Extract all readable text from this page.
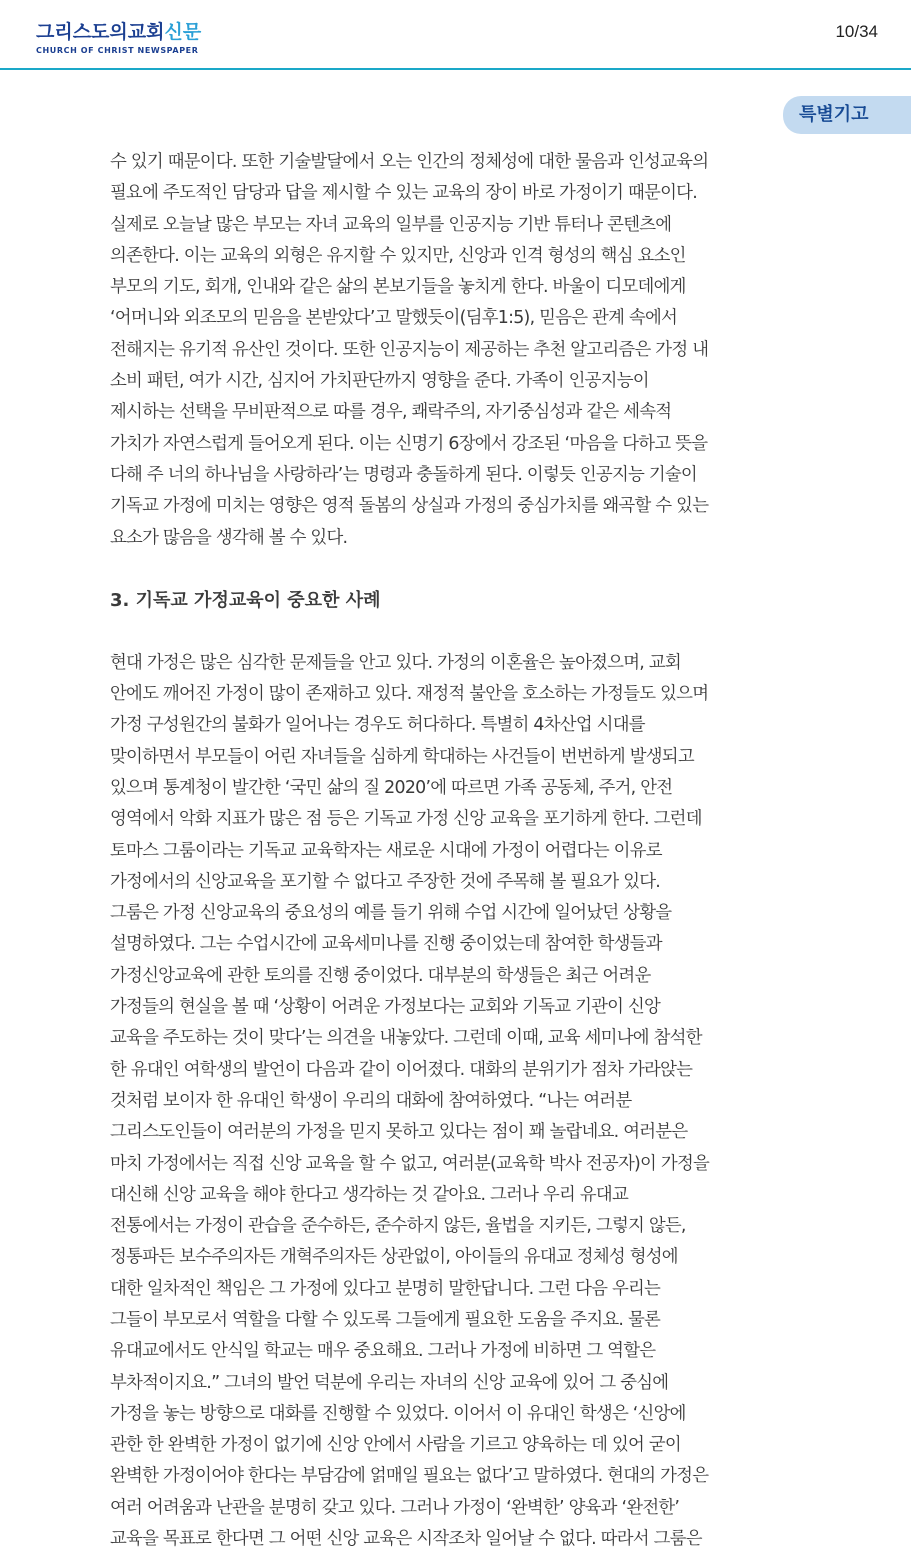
그리스도의교회신문
CHURCH OF CHRIST NEWSPAPER
10/34
특별기고
수 있기 때문이다. 또한 기술발달에서 오는 인간의 정체성에 대한 물음과 인성교육의
필요에 주도적인 담당과 답을 제시할 수 있는 교육의 장이 바로 가정이기 때문이다.
실제로 오늘날 많은 부모는 자녀 교육의 일부를 인공지능 기반 튜터나 콘텐츠에
의존한다. 이는 교육의 외형은 유지할 수 있지만, 신앙과 인격 형성의 핵심 요소인
부모의 기도, 회개, 인내와 같은 삶의 본보기들을 놓치게 한다. 바울이 디모데에게
‘어머니와 외조모의 믿음을 본받았다’고 말했듯이(딤후1:5), 믿음은 관계 속에서
전해지는 유기적 유산인 것이다. 또한 인공지능이 제공하는 추천 알고리즘은 가정 내
소비 패턴, 여가 시간, 심지어 가치판단까지 영향을 준다. 가족이 인공지능이
제시하는 선택을 무비판적으로 따를 경우, 쾌락주의, 자기중심성과 같은 세속적
가치가 자연스럽게 들어오게 된다. 이는 신명기 6장에서 강조된 ‘마음을 다하고 뜻을
다해 주 너의 하나님을 사랑하라’는 명령과 충돌하게 된다. 이렇듯 인공지능 기술이
기독교 가정에 미치는 영향은 영적 돌봄의 상실과 가정의 중심가치를 왜곡할 수 있는
요소가 많음을 생각해 볼 수 있다.
3. 기독교 가정교육이 중요한 사례
현대 가정은 많은 심각한 문제들을 안고 있다. 가정의 이혼율은 높아졌으며, 교회
안에도 깨어진 가정이 많이 존재하고 있다. 재정적 불안을 호소하는 가정들도 있으며
가정 구성원간의 불화가 일어나는 경우도 허다하다. 특별히 4차산업 시대를
맞이하면서 부모들이 어린 자녀들을 심하게 학대하는 사건들이 번번하게 발생되고
있으며 통계청이 발간한 ‘국민 삶의 질 2020’에 따르면 가족 공동체, 주거, 안전
영역에서 악화 지표가 많은 점 등은 기독교 가정 신앙 교육을 포기하게 한다. 그런데
토마스 그룸이라는 기독교 교육학자는 새로운 시대에 가정이 어렵다는 이유로
가정에서의 신앙교육을 포기할 수 없다고 주장한 것에 주목해 볼 필요가 있다.
그룸은 가정 신앙교육의 중요성의 예를 들기 위해 수업 시간에 일어났던 상황을
설명하였다. 그는 수업시간에 교육세미나를 진행 중이었는데 참여한 학생들과
가정신앙교육에 관한 토의를 진행 중이었다. 대부분의 학생들은 최근 어려운
가정들의 현실을 볼 때 ‘상황이 어려운 가정보다는 교회와 기독교 기관이 신앙
교육을 주도하는 것이 맞다’는 의견을 내놓았다. 그런데 이때, 교육 세미나에 참석한
한 유대인 여학생의 발언이 다음과 같이 이어졌다. 대화의 분위기가 점차 가라앉는
것처럼 보이자 한 유대인 학생이 우리의 대화에 참여하였다. “나는 여러분
그리스도인들이 여러분의 가정을 믿지 못하고 있다는 점이 꽤 놀랍네요. 여러분은
마치 가정에서는 직접 신앙 교육을 할 수 없고, 여러분(교육학 박사 전공자)이 가정을
대신해 신앙 교육을 해야 한다고 생각하는 것 같아요. 그러나 우리 유대교
전통에서는 가정이 관습을 준수하든, 준수하지 않든, 율법을 지키든, 그렇지 않든,
정통파든 보수주의자든 개혁주의자든 상관없이, 아이들의 유대교 정체성 형성에
대한 일차적인 책임은 그 가정에 있다고 분명히 말한답니다. 그런 다음 우리는
그들이 부모로서 역할을 다할 수 있도록 그들에게 필요한 도움을 주지요. 물론
유대교에서도 안식일 학교는 매우 중요해요. 그러나 가정에 비하면 그 역할은
부차적이지요.” 그녀의 발언 덕분에 우리는 자녀의 신앙 교육에 있어 그 중심에
가정을 놓는 방향으로 대화를 진행할 수 있었다. 이어서 이 유대인 학생은 ‘신앙에
관한 한 완벽한 가정이 없기에 신앙 안에서 사람을 기르고 양육하는 데 있어 굳이
완벽한 가정이어야 한다는 부담감에 얽매일 필요는 없다’고 말하였다. 현대의 가정은
여러 어려움과 난관을 분명히 갖고 있다. 그러나 가정이 ‘완벽한’ 양육과 ‘완전한’
교육을 목표로 한다면 그 어떤 신앙 교육은 시작조차 일어날 수 없다. 따라서 그룸은
